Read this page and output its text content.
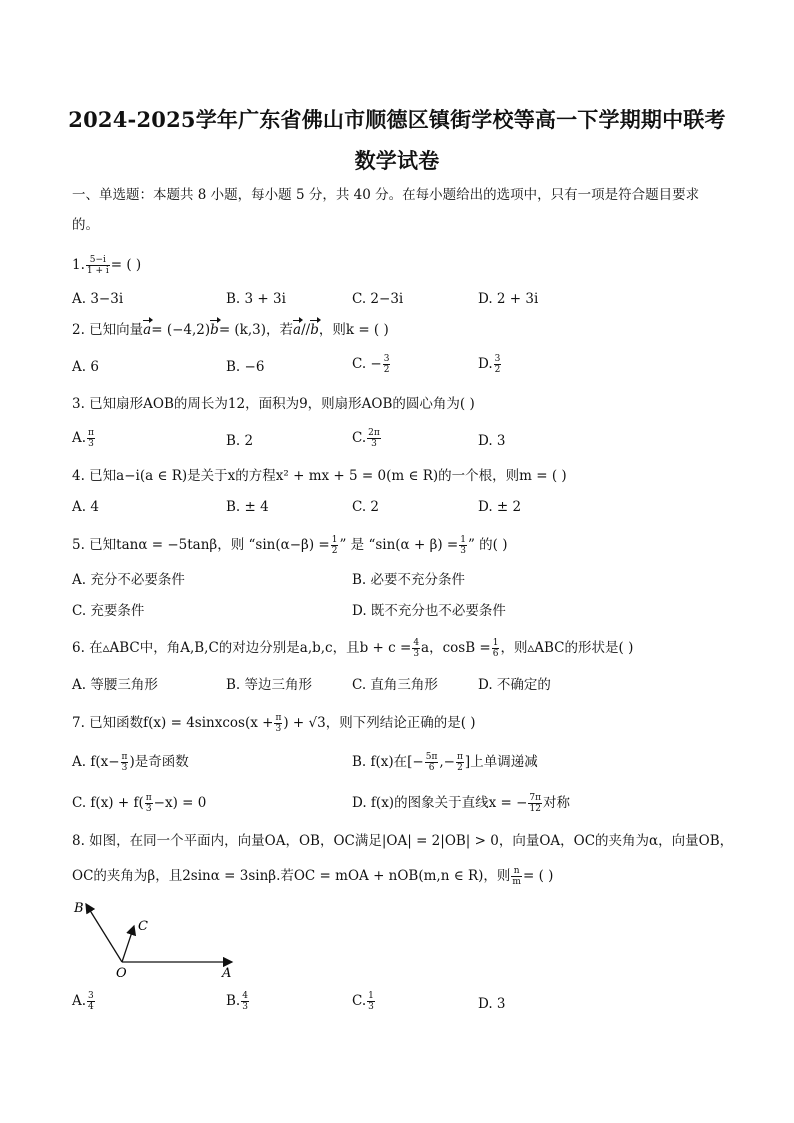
2024-2025学年广东省佛山市顺德区镇街学校等高一下学期期中联考
数学试卷
一、单选题：本题共 8 小题，每小题 5 分，共 40 分。在每小题给出的选项中，只有一项是符合题目要求
的。
1. $\frac{5-i}{1 + i}$ = ( )
A. 3−3i	B. 3 + 3i	C. 2−3i	D. 2 + 3i
2. 已知向量a= (−4,2)b= (k,3)，若a//b，则k = ( )
A. 6	B. −6	C. − $\frac{3}{2}$	D. $\frac{3}{2}$
3. 已知扇形AOB的周长为12，面积为9，则扇形AOB的圆心角为( )
A. $\frac{\pi}{3}$	B. 2	C. $\frac{2\pi}{3}$	D. 3
4. 已知a−i(a ∈ R)是关于x的方程x² + mx + 5 = 0(m ∈ R)的一个根，则m = ( )
A. 4	B. ± 4	C. 2	D. ± 2
5. 已知tanα = −5tanβ，则 “$\sin(\alpha-\beta) = \frac{1}{2}$ ” 是 “$\sin(\alpha + \beta) = \frac{1}{3}$ ” 的( )
A. 充分不必要条件	B. 必要不充分条件
C. 充要条件	D. 既不充分也不必要条件
6. 在▵ABC中，角A,B,C的对边分别是a,b,c，且$b + c = \frac{4}{3}$ a，$\cos B = \frac{1}{6}$ ，则▵ABC的形状是( )
A. 等腰三角形	B. 等边三角形	C. 直角三角形	D. 不确定的
7. 已知函数f(x) = 4sinxcos(x + $\frac{\pi}{3}$ ) + √3，则下列结论正确的是( )
A. $f(x- \frac{\pi}{3}$ )是奇函数	B. f(x)在[− $\frac{5\pi}{6}$ ,− $\frac{\pi}{2}$ ]上单调递减
C. $f(x) + f( \frac{\pi}{3} -x) = 0$	D. f(x)的图象关于直线x = − $\frac{7\pi}{12}$ 对称
8. 如图，在同一个平面内，向量OA，OB，OC满足|OA| = 2|OB| > 0，向量OA，OC的夹角为α，向量OB，
OC的夹角为β，且2sinα = 3sinβ.若OC = mOA + nOB(m,n ∈ R)，则 $\frac{n}{m}$ = ( )
B
C
O	A
A. $\frac{3}{4}$	B. $\frac{4}{3}$	C. $\frac{1}{3}$	D. 3
